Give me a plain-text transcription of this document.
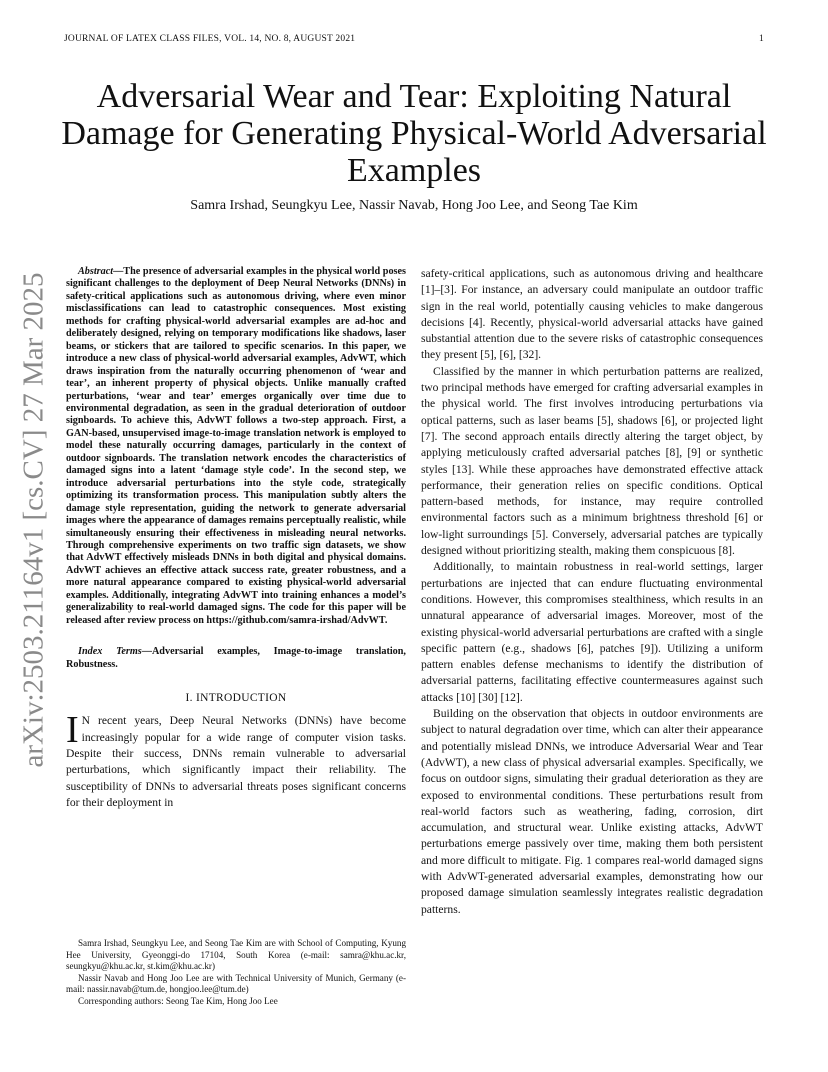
JOURNAL OF LATEX CLASS FILES, VOL. 14, NO. 8, AUGUST 2021	1
arXiv:2503.21164v1 [cs.CV] 27 Mar 2025
Adversarial Wear and Tear: Exploiting Natural Damage for Generating Physical-World Adversarial Examples
Samra Irshad, Seungkyu Lee, Nassir Navab, Hong Joo Lee, and Seong Tae Kim

Abstract—The presence of adversarial examples in the physical world poses significant challenges to the deployment of Deep Neural Networks (DNNs) in safety-critical applications such as autonomous driving, where even minor misclassifications can lead to catastrophic consequences. Most existing methods for crafting physical-world adversarial examples are ad-hoc and deliberately designed, relying on temporary modifications like shadows, laser beams, or stickers that are tailored to specific scenarios. In this paper, we introduce a new class of physical-world adversarial examples, AdvWT, which draws inspiration from the naturally occurring phenomenon of ‘wear and tear’, an inherent property of physical objects. Unlike manually crafted perturbations, ‘wear and tear’ emerges organically over time due to environmental degradation, as seen in the gradual deterioration of outdoor signboards. To achieve this, AdvWT follows a two-step approach. First, a GAN-based, unsupervised image-to-image translation network is employed to model these naturally occurring damages, particularly in the context of outdoor signboards. The translation network encodes the characteristics of damaged signs into a latent ‘damage style code’. In the second step, we introduce adversarial perturbations into the style code, strategically optimizing its transformation process. This manipulation subtly alters the damage style representation, guiding the network to generate adversarial images where the appearance of damages remains perceptually realistic, while simultaneously ensuring their effectiveness in misleading neural networks. Through comprehensive experiments on two traffic sign datasets, we show that AdvWT effectively misleads DNNs in both digital and physical domains. AdvWT achieves an effective attack success rate, greater robustness, and a more natural appearance compared to existing physical-world adversarial examples. Additionally, integrating AdvWT into training enhances a model’s generalizability to real-world damaged signs. The code for this paper will be released after review process on https://github.com/samra-irshad/AdvWT.

Index Terms—Adversarial examples, Image-to-image translation, Robustness.

I. INTRODUCTION

I N recent years, Deep Neural Networks (DNNs) have become increasingly popular for a wide range of computer vision tasks. Despite their success, DNNs remain vulnerable to adversarial perturbations, which significantly impact their reliability. The susceptibility of DNNs to adversarial threats poses significant concerns for their deployment in

Samra Irshad, Seungkyu Lee, and Seong Tae Kim are with School of Computing, Kyung Hee University, Gyeonggi-do 17104, South Korea (e-mail: samra@khu.ac.kr, seungkyu@khu.ac.kr, st.kim@khu.ac.kr)

Nassir Navab and Hong Joo Lee are with Technical University of Munich, Germany (e-mail: nassir.navab@tum.de, hongjoo.lee@tum.de)

Corresponding authors: Seong Tae Kim, Hong Joo Lee

safety-critical applications, such as autonomous driving and healthcare [1]–[3]. For instance, an adversary could manipulate an outdoor traffic sign in the real world, potentially causing vehicles to make dangerous decisions [4]. Recently, physical-world adversarial attacks have gained substantial attention due to the severe risks of catastrophic consequences they present [5], [6], [32].

Classified by the manner in which perturbation patterns are realized, two principal methods have emerged for crafting adversarial examples in the physical world. The first involves introducing perturbations via optical patterns, such as laser beams [5], shadows [6], or projected light [7]. The second approach entails directly altering the target object, by applying meticulously crafted adversarial patches [8], [9] or synthetic styles [13]. While these approaches have demonstrated effective attack performance, their generation relies on specific conditions. Optical pattern-based methods, for instance, may require controlled environmental factors such as a minimum brightness threshold [6] or low-light surroundings [5]. Conversely, adversarial patches are typically designed without prioritizing stealth, making them conspicuous [8].

Additionally, to maintain robustness in real-world settings, larger perturbations are injected that can endure fluctuating environmental conditions. However, this compromises stealthiness, which results in an unnatural appearance of adversarial images. Moreover, most of the existing physical-world adversarial perturbations are crafted with a single specific pattern (e.g., shadows [6], patches [9]). Utilizing a uniform pattern enables defense mechanisms to identify the distribution of adversarial patterns, facilitating effective countermeasures against such attacks [10] [30] [12].

Building on the observation that objects in outdoor environments are subject to natural degradation over time, which can alter their appearance and potentially mislead DNNs, we introduce Adversarial Wear and Tear (AdvWT), a new class of physical adversarial examples. Specifically, we focus on outdoor signs, simulating their gradual deterioration as they are exposed to environmental conditions. These perturbations result from real-world factors such as weathering, fading, corrosion, dirt accumulation, and structural wear. Unlike existing attacks, AdvWT perturbations emerge passively over time, making them both persistent and more difficult to mitigate. Fig. 1 compares real-world damaged signs with AdvWT-generated adversarial examples, demonstrating how our proposed damage simulation seamlessly integrates realistic degradation patterns.
